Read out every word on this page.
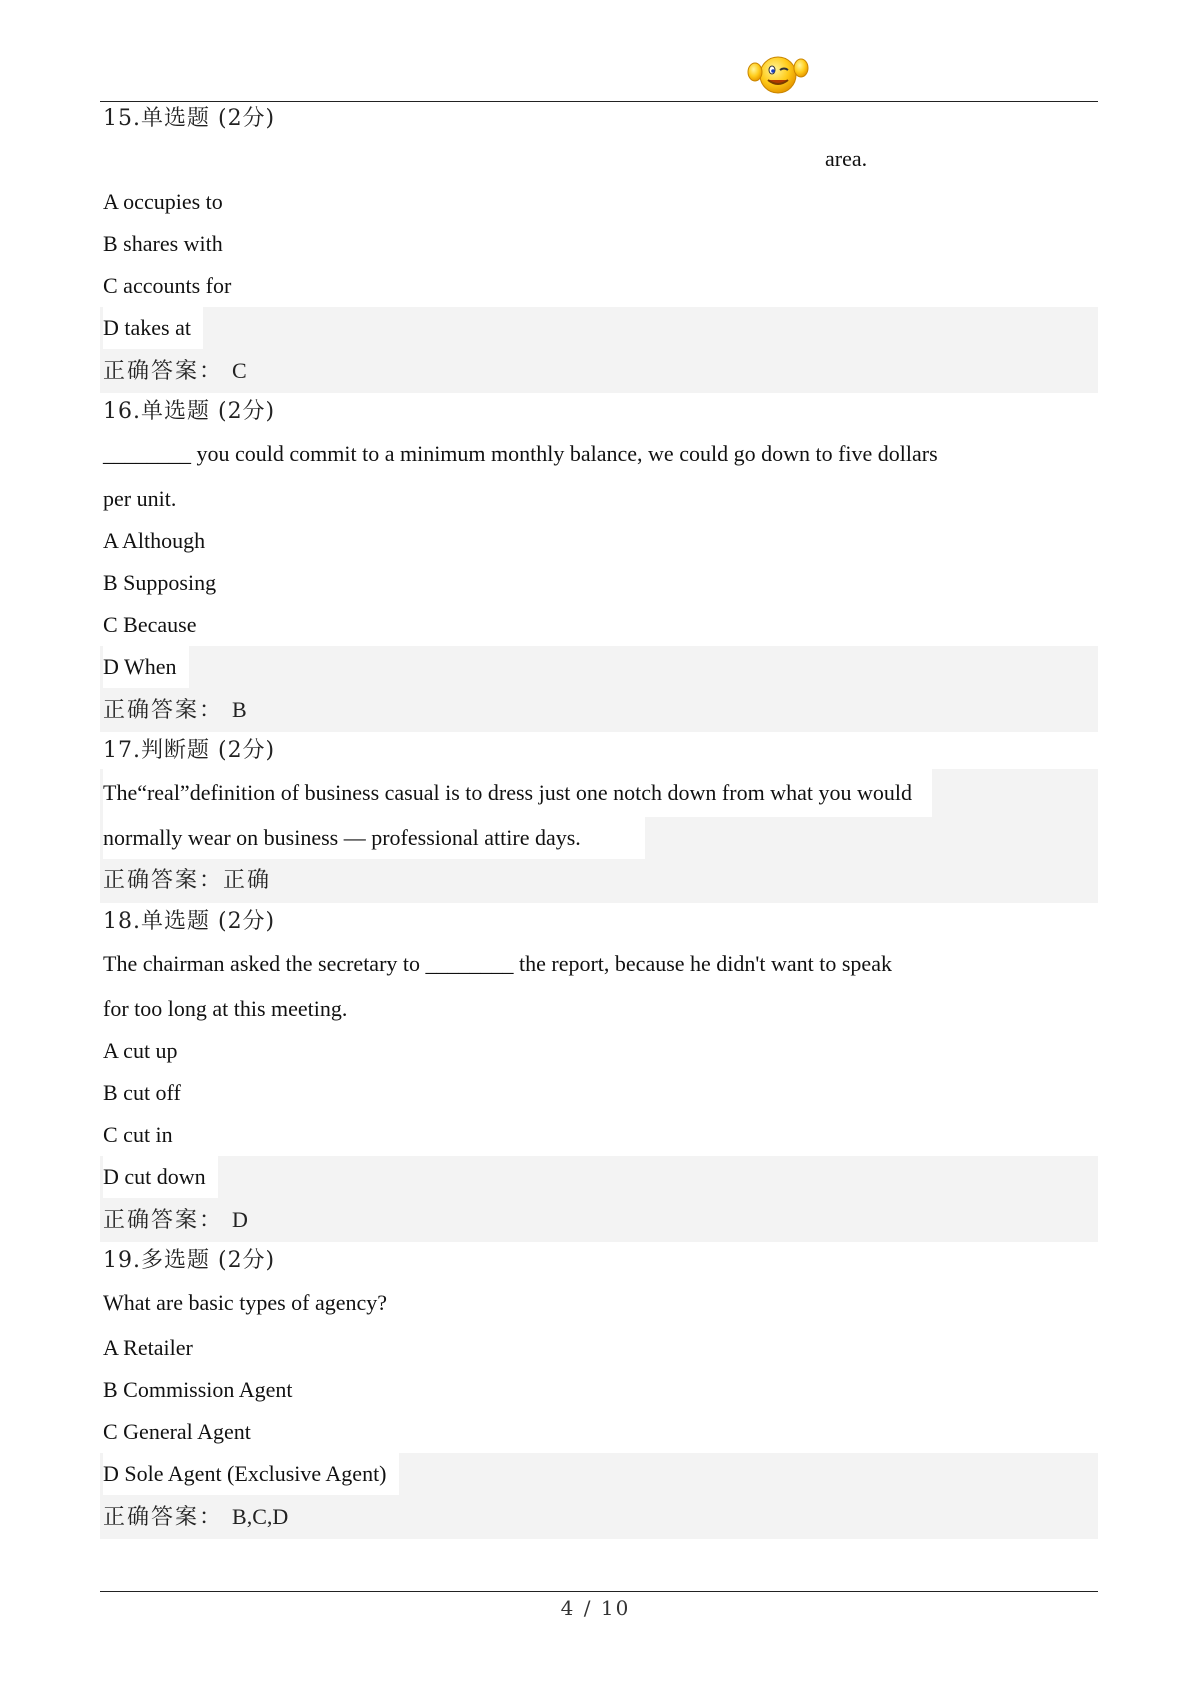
15.单选题 (2分)
area.
A occupies to
B shares with
C accounts for
D takes at
正确答案： C
16.单选题 (2分)
________ you could commit to a minimum monthly balance, we could go down to five dollars
per unit.
A Although
B Supposing
C Because
D When
正确答案： B
17.判断题 (2分)
The“real”definition of business casual is to dress just one notch down from what you would
normally wear on business — professional attire days.
正确答案：正确
18.单选题 (2分)
The chairman asked the secretary to ________ the report, because he didn't want to speak
for too long at this meeting.
A cut up
B cut off
C cut in
D cut down
正确答案： D
19.多选题 (2分)
What are basic types of agency?
A Retailer
B Commission Agent
C General Agent
D Sole Agent (Exclusive Agent)
正确答案： B,C,D
4 / 10
